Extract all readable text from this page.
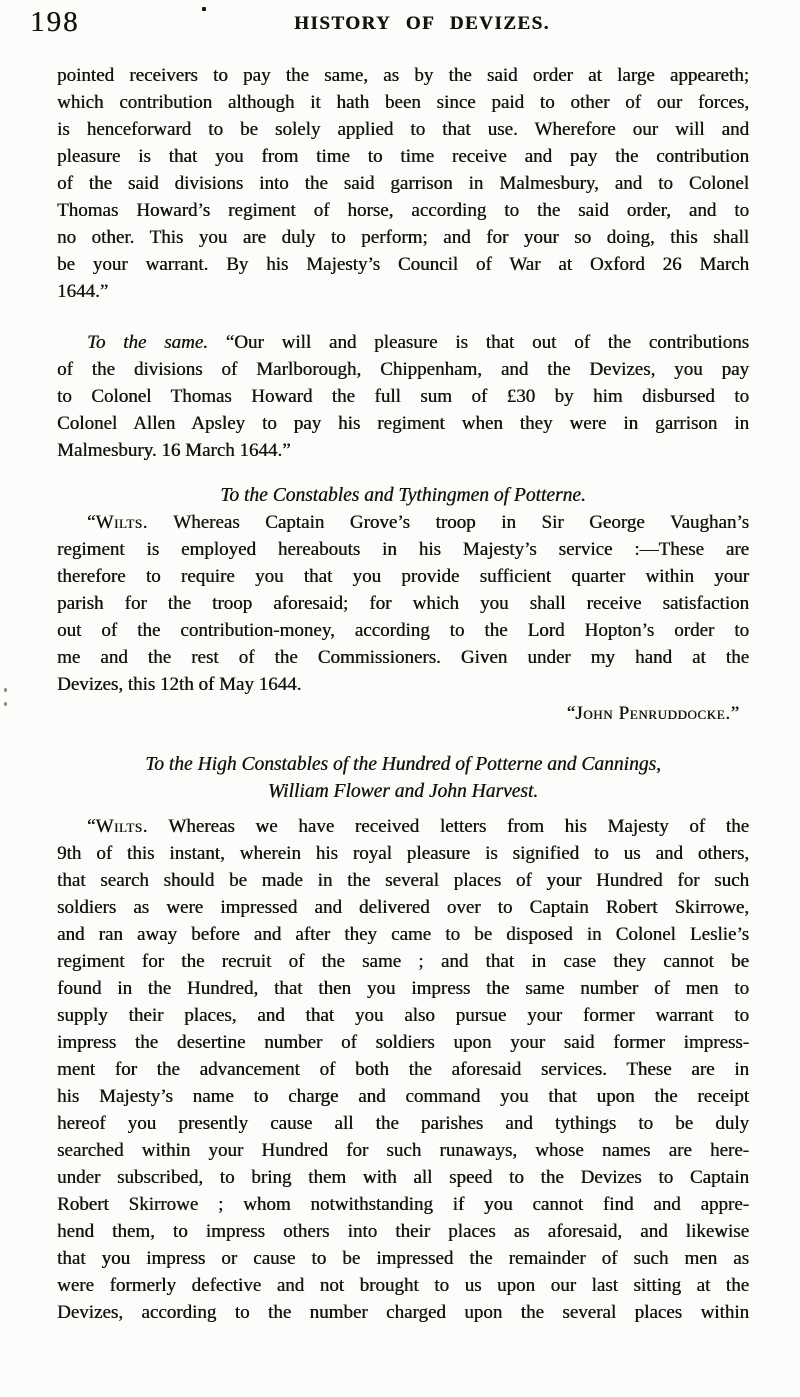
198	HISTORY OF DEVIZES.
pointed receivers to pay the same, as by the said order at large appeareth;
which contribution although it hath been since paid to other of our forces,
is henceforward to be solely applied to that use. Wherefore our will and
pleasure is that you from time to time receive and pay the contribution
of the said divisions into the said garrison in Malmesbury, and to Colonel
Thomas Howard’s regiment of horse, according to the said order, and to
no other. This you are duly to perform; and for your so doing, this shall
be your warrant. By his Majesty’s Council of War at Oxford 26 March
1644.”
To the same. “Our will and pleasure is that out of the contributions
of the divisions of Marlborough, Chippenham, and the Devizes, you pay
to Colonel Thomas Howard the full sum of £30 by him disbursed to
Colonel Allen Apsley to pay his regiment when they were in garrison in
Malmesbury. 16 March 1644.”
To the Constables and Tythingmen of Potterne.
“Wilts. Whereas Captain Grove’s troop in Sir George Vaughan’s
regiment is employed hereabouts in his Majesty’s service :—These are
therefore to require you that you provide sufficient quarter within your
parish for the troop aforesaid; for which you shall receive satisfaction
out of the contribution-money, according to the Lord Hopton’s order to
me and the rest of the Commissioners. Given under my hand at the
Devizes, this 12th of May 1644.
“John Penruddocke.”
To the High Constables of the Hundred of Potterne and Cannings,
William Flower and John Harvest.
“Wilts. Whereas we have received letters from his Majesty of the
9th of this instant, wherein his royal pleasure is signified to us and others,
that search should be made in the several places of your Hundred for such
soldiers as were impressed and delivered over to Captain Robert Skirrowe,
and ran away before and after they came to be disposed in Colonel Leslie’s
regiment for the recruit of the same ; and that in case they cannot be
found in the Hundred, that then you impress the same number of men to
supply their places, and that you also pursue your former warrant to
impress the desertine number of soldiers upon your said former impress-
ment for the advancement of both the aforesaid services. These are in
his Majesty’s name to charge and command you that upon the receipt
hereof you presently cause all the parishes and tythings to be duly
searched within your Hundred for such runaways, whose names are here-
under subscribed, to bring them with all speed to the Devizes to Captain
Robert Skirrowe ; whom notwithstanding if you cannot find and appre-
hend them, to impress others into their places as aforesaid, and likewise
that you impress or cause to be impressed the remainder of such men as
were formerly defective and not brought to us upon our last sitting at the
Devizes, according to the number charged upon the several places within
